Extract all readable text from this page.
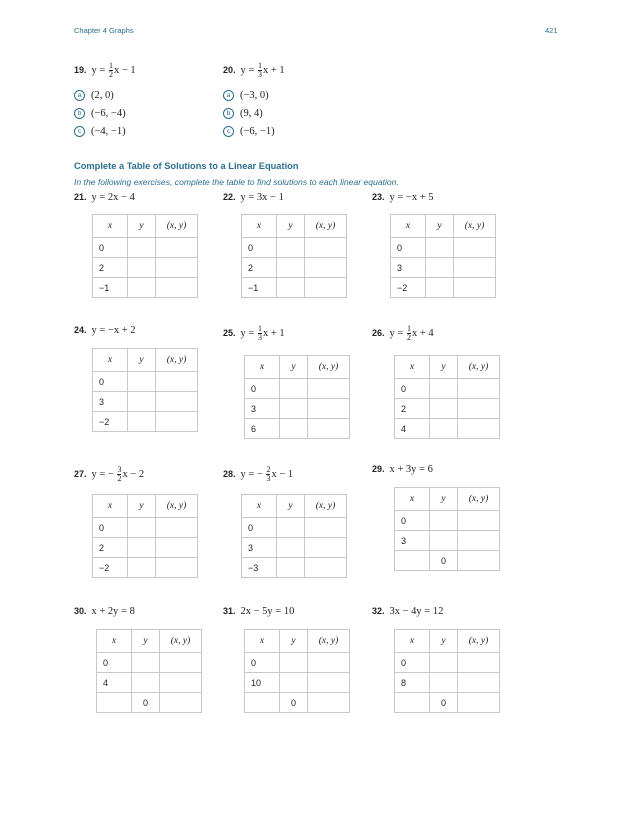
Chapter 4 Graphs	421
19. $y = \frac{1}{2}$ x − 1
a (2, 0)
b (−6, −4)
c (−4, −1)
20. $y = \frac{1}{3}$ x + 1
a (−3, 0)
b (9, 4)
c (−6, −1)
Complete a Table of Solutions to a Linear Equation
In the following exercises, complete the table to find solutions to each linear equation.
21. y = 2x − 4
x	y	(x, y)
0		
2		
−1		
22. y = 3x − 1
x	y	(x, y)
0		
2		
−1		
23. y = −x + 5
x	y	(x, y)
0		
3		
−2		
24. y = −x + 2
x	y	(x, y)
0		
3		
−2		
25. $y = \frac{1}{3}$ x + 1
x	y	(x, y)
0		
3		
6		
26. $y = \frac{1}{2}$ x + 4
x	y	(x, y)
0		
2		
4		
27. y = − $\frac{3}{2}$ x − 2
x	y	(x, y)
0		
2		
−2		
28. y = − $\frac{2}{3}$ x − 1
x	y	(x, y)
0		
3		
−3		
29. x + 3y = 6
x	y	(x, y)
0		
3		
	0	
30. x + 2y = 8
x	y	(x, y)
0		
4		
	0	
31. 2x − 5y = 10
x	y	(x, y)
0		
10		
	0	
32. 3x − 4y = 12
x	y	(x, y)
0		
8		
	0	
